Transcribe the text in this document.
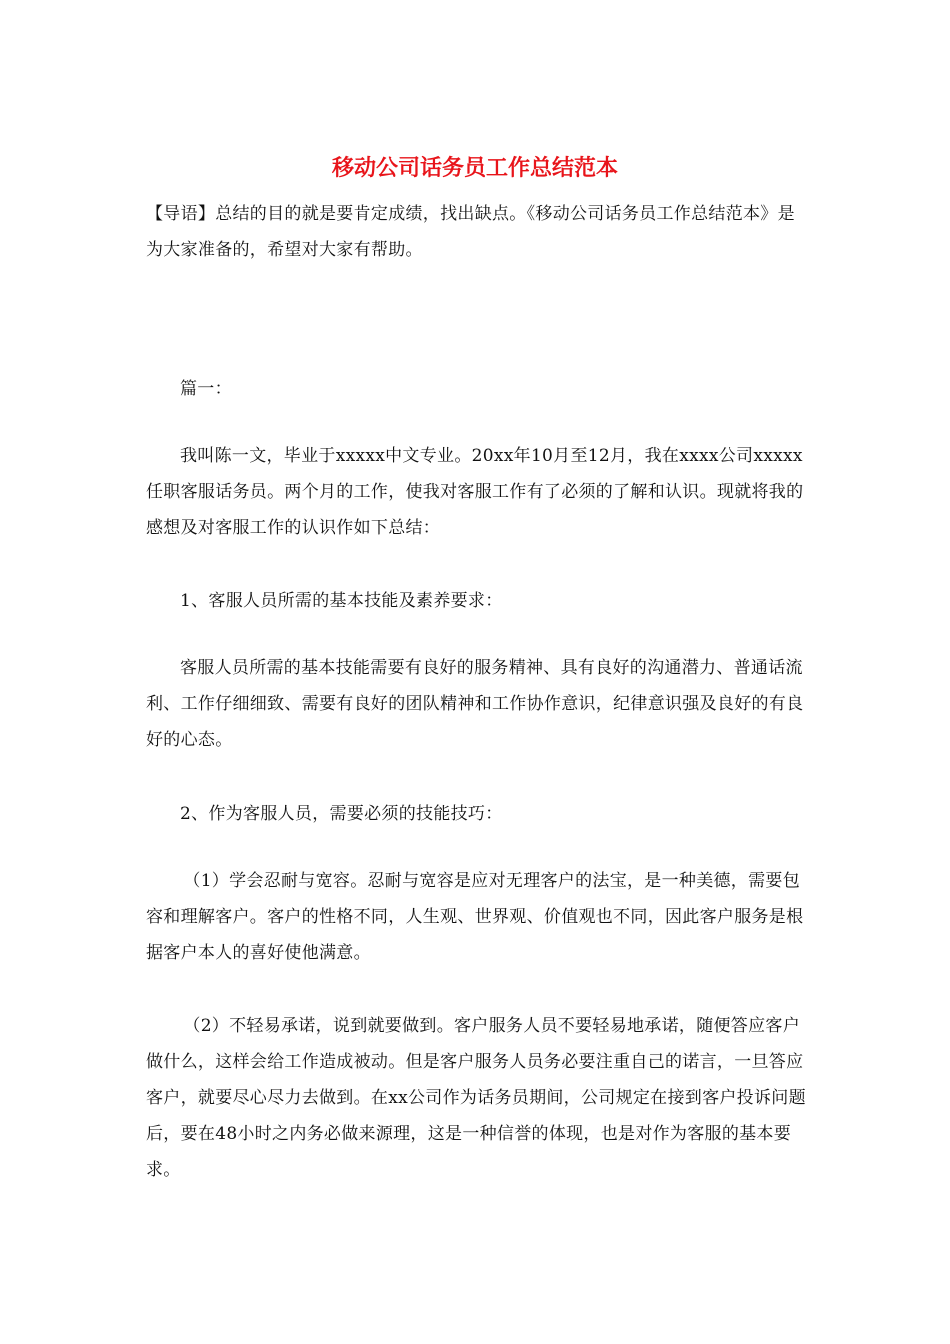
移动公司话务员工作总结范本

【导语】总结的目的就是要肯定成绩，找出缺点。《移动公司话务员工作总结范本》是为大家准备的，希望对大家有帮助。

篇一：

我叫陈一文，毕业于xxxxx中文专业。20xx年10月至12月，我在xxxx公司xxxxx任职客服话务员。两个月的工作，使我对客服工作有了必须的了解和认识。现就将我的感想及对客服工作的认识作如下总结：

1、客服人员所需的基本技能及素养要求：

客服人员所需的基本技能需要有良好的服务精神、具有良好的沟通潜力、普通话流利、工作仔细细致、需要有良好的团队精神和工作协作意识，纪律意识强及良好的有良好的心态。

2、作为客服人员，需要必须的技能技巧：

（1）学会忍耐与宽容。忍耐与宽容是应对无理客户的法宝，是一种美德，需要包容和理解客户。客户的性格不同，人生观、世界观、价值观也不同，因此客户服务是根据客户本人的喜好使他满意。

（2）不轻易承诺，说到就要做到。客户服务人员不要轻易地承诺，随便答应客户做什么，这样会给工作造成被动。但是客户服务人员务必要注重自己的诺言，一旦答应客户，就要尽心尽力去做到。在xx公司作为话务员期间，公司规定在接到客户投诉问题后，要在48小时之内务必做来源理，这是一种信誉的体现，也是对作为客服的基本要求。
